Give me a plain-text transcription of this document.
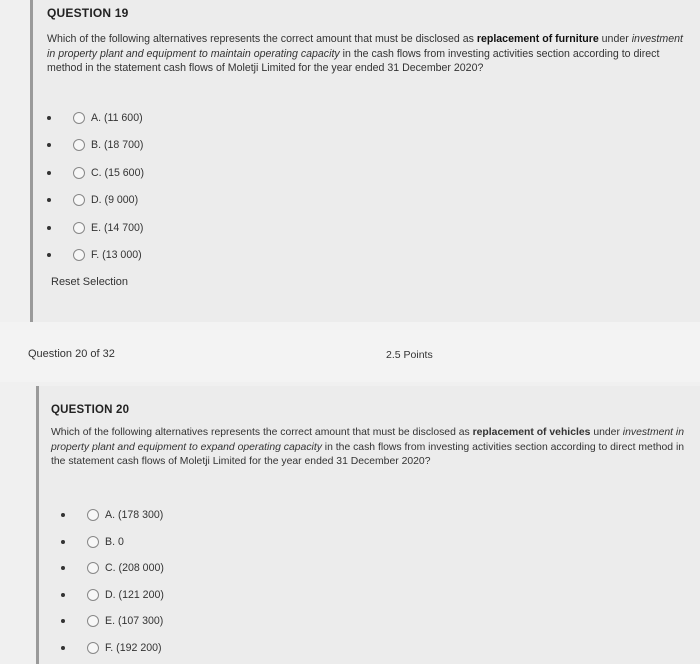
QUESTION 19
Which of the following alternatives represents the correct amount that must be disclosed as replacement of furniture under investment in property plant and equipment to maintain operating capacity in the cash flows from investing activities section according to direct method in the statement cash flows of Moletji Limited for the year ended 31 December 2020?
A. (11 600)
B. (18 700)
C. (15 600)
D. (9 000)
E. (14 700)
F. (13 000)
Reset Selection
Question 20 of 32	2.5 Points
QUESTION 20
Which of the following alternatives represents the correct amount that must be disclosed as replacement of vehicles under investment in property plant and equipment to expand operating capacity in the cash flows from investing activities section according to direct method in the statement cash flows of Moletji Limited for the year ended 31 December 2020?
A. (178 300)
B. 0
C. (208 000)
D. (121 200)
E. (107 300)
F. (192 200)
